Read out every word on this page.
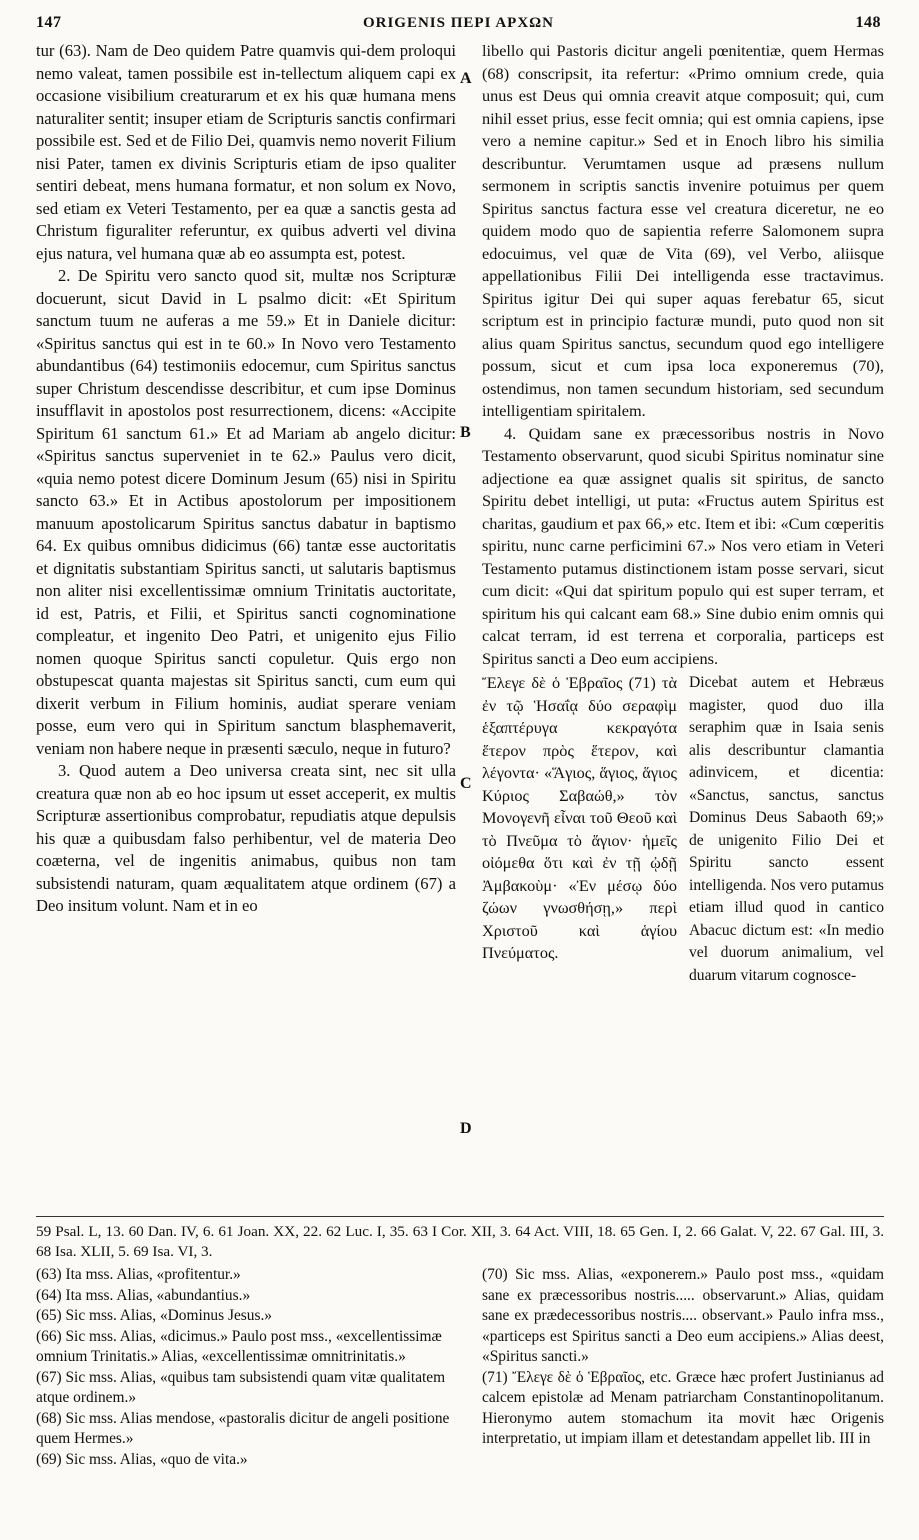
147	ORIGENIS ΠΕΡΙ ΑΡΧΩΝ	148
A
B
C
D

tur (63). Nam de Deo quidem Patre quamvis qui-dem proloqui nemo valeat, tamen possibile est in-tellectum aliquem capi ex occasione visibilium creaturarum et ex his quæ humana mens naturaliter sentit; insuper etiam de Scripturis sanctis confirmari possibile est. Sed et de Filio Dei, quamvis nemo noverit Filium nisi Pater, tamen ex divinis Scripturis etiam de ipso qualiter sentiri debeat, mens humana formatur, et non solum ex Novo, sed etiam ex Veteri Testamento, per ea quæ a sanctis gesta ad Christum figuraliter referuntur, ex quibus adverti vel divina ejus natura, vel humana quæ ab eo assumpta est, potest.

2. De Spiritu vero sancto quod sit, multæ nos Scripturæ docuerunt, sicut David in L psalmo dicit: «Et Spiritum sanctum tuum ne auferas a me 59.» Et in Daniele dicitur: «Spiritus sanctus qui est in te 60.» In Novo vero Testamento abundantibus (64) testimoniis edocemur, cum Spiritus sanctus super Christum descendisse describitur, et cum ipse Dominus insufflavit in apostolos post resurrectionem, dicens: «Accipite Spiritum 61 sanctum 61.» Et ad Mariam ab angelo dicitur: «Spiritus sanctus superveniet in te 62.» Paulus vero dicit, «quia nemo potest dicere Dominum Jesum (65) nisi in Spiritu sancto 63.» Et in Actibus apostolorum per impositionem manuum apostolicarum Spiritus sanctus dabatur in baptismo 64. Ex quibus omnibus didicimus (66) tantæ esse auctoritatis et dignitatis substantiam Spiritus sancti, ut salutaris baptismus non aliter nisi excellentissimæ omnium Trinitatis auctoritate, id est, Patris, et Filii, et Spiritus sancti cognominatione compleatur, et ingenito Deo Patri, et unigenito ejus Filio nomen quoque Spiritus sancti copuletur. Quis ergo non obstupescat quanta majestas sit Spiritus sancti, cum eum qui dixerit verbum in Filium hominis, audiat sperare veniam posse, eum vero qui in Spiritum sanctum blasphemaverit, veniam non habere neque in præsenti sæculo, neque in futuro?

3. Quod autem a Deo universa creata sint, nec sit ulla creatura quæ non ab eo hoc ipsum ut esset acceperit, ex multis Scripturæ assertionibus comprobatur, repudiatis atque depulsis his quæ a quibusdam falso perhibentur, vel de materia Deo coæterna, vel de ingenitis animabus, quibus non tam subsistendi naturam, quam æqualitatem atque ordinem (67) a Deo insitum volunt. Nam et in eo

libello qui Pastoris dicitur angeli pœnitentiæ, quem Hermas (68) conscripsit, ita refertur: «Primo omnium crede, quia unus est Deus qui omnia creavit atque composuit; qui, cum nihil esset prius, esse fecit omnia; qui est omnia capiens, ipse vero a nemine capitur.» Sed et in Enoch libro his similia describuntur. Verumtamen usque ad præsens nullum sermonem in scriptis sanctis invenire potuimus per quem Spiritus sanctus factura esse vel creatura diceretur, ne eo quidem modo quo de sapientia referre Salomonem supra edocuimus, vel quæ de Vita (69), vel Verbo, aliisque appellationibus Filii Dei intelligenda esse tractavimus. Spiritus igitur Dei qui super aquas ferebatur 65, sicut scriptum est in principio facturæ mundi, puto quod non sit alius quam Spiritus sanctus, secundum quod ego intelligere possum, sicut et cum ipsa loca exponeremus (70), ostendimus, non tamen secundum historiam, sed secundum intelligentiam spiritalem.

4. Quidam sane ex præcessoribus nostris in Novo Testamento observarunt, quod sicubi Spiritus nominatur sine adjectione ea quæ assignet qualis sit spiritus, de sancto Spiritu debet intelligi, ut puta: «Fructus autem Spiritus est charitas, gaudium et pax 66,» etc. Item et ibi: «Cum cœperitis spiritu, nunc carne perficimini 67.» Nos vero etiam in Veteri Testamento putamus distinctionem istam posse servari, sicut cum dicit: «Qui dat spiritum populo qui est super terram, et spiritum his qui calcant eam 68.» Sine dubio enim omnis qui calcat terram, id est terrena et corporalia, particeps est Spiritus sancti a Deo eum accipiens.

Ἔλεγε δὲ ὁ Ἑβραῖος (71) τὰ ἐν τῷ Ἡσαΐᾳ δύο σεραφὶμ ἑξαπτέρυγα κεκραγότα ἕτερον πρὸς ἕτερον, καὶ λέγοντα· «Ἅγιος, ἅγιος, ἅγιος Κύριος Σαβαώθ,» τὸν Μονογενῆ εἶναι τοῦ Θεοῦ καὶ τὸ Πνεῦμα τὸ ἅγιον· ἡμεῖς οἰόμεθα ὅτι καὶ ἐν τῇ ᾠδῇ Ἀμβακοὺμ· «Ἐν μέσῳ δύο ζώων γνωσθήσῃ,» περὶ Χριστοῦ καὶ ἁγίου Πνεύματος.
Dicebat autem et Hebræus magister, quod duo illa seraphim quæ in Isaia senis alis describuntur clamantia adinvicem, et dicentia: «Sanctus, sanctus, sanctus Dominus Deus Sabaoth 69;» de unigenito Filio Dei et Spiritu sancto essent intelligenda. Nos vero putamus etiam illud quod in cantico Abacuc dictum est: «In medio vel duorum animalium, vel duarum vitarum cognosce-
59 Psal. L, 13. 60 Dan. IV, 6. 61 Joan. XX, 22. 62 Luc. I, 35. 63 I Cor. XII, 3. 64 Act. VIII, 18. 65 Gen. I, 2. 66 Galat. V, 22. 67 Gal. III, 3. 68 Isa. XLII, 5. 69 Isa. VI, 3.

(63) Ita mss. Alias, «profitentur.»

(64) Ita mss. Alias, «abundantius.»

(65) Sic mss. Alias, «Dominus Jesus.»

(66) Sic mss. Alias, «dicimus.» Paulo post mss., «excellentissimæ omnium Trinitatis.» Alias, «excellentissimæ omnitrinitatis.»

(67) Sic mss. Alias, «quibus tam subsistendi quam vitæ qualitatem atque ordinem.»

(68) Sic mss. Alias mendose, «pastoralis dicitur de angeli positione quem Hermes.»

(69) Sic mss. Alias, «quo de vita.»

(70) Sic mss. Alias, «exponerem.» Paulo post mss., «quidam sane ex præcessoribus nostris..... observarunt.» Alias, quidam sane ex prædecessoribus nostris.... observant.» Paulo infra mss., «particeps est Spiritus sancti a Deo eum accipiens.» Alias deest, «Spiritus sancti.»

(71) Ἔλεγε δὲ ὁ Ἑβραῖος, etc. Græce hæc profert Justinianus ad calcem epistolæ ad Menam patriarcham Constantinopolitanum. Hieronymo autem stomachum ita movit hæc Origenis interpretatio, ut impiam illam et detestandam appellet lib. III in
